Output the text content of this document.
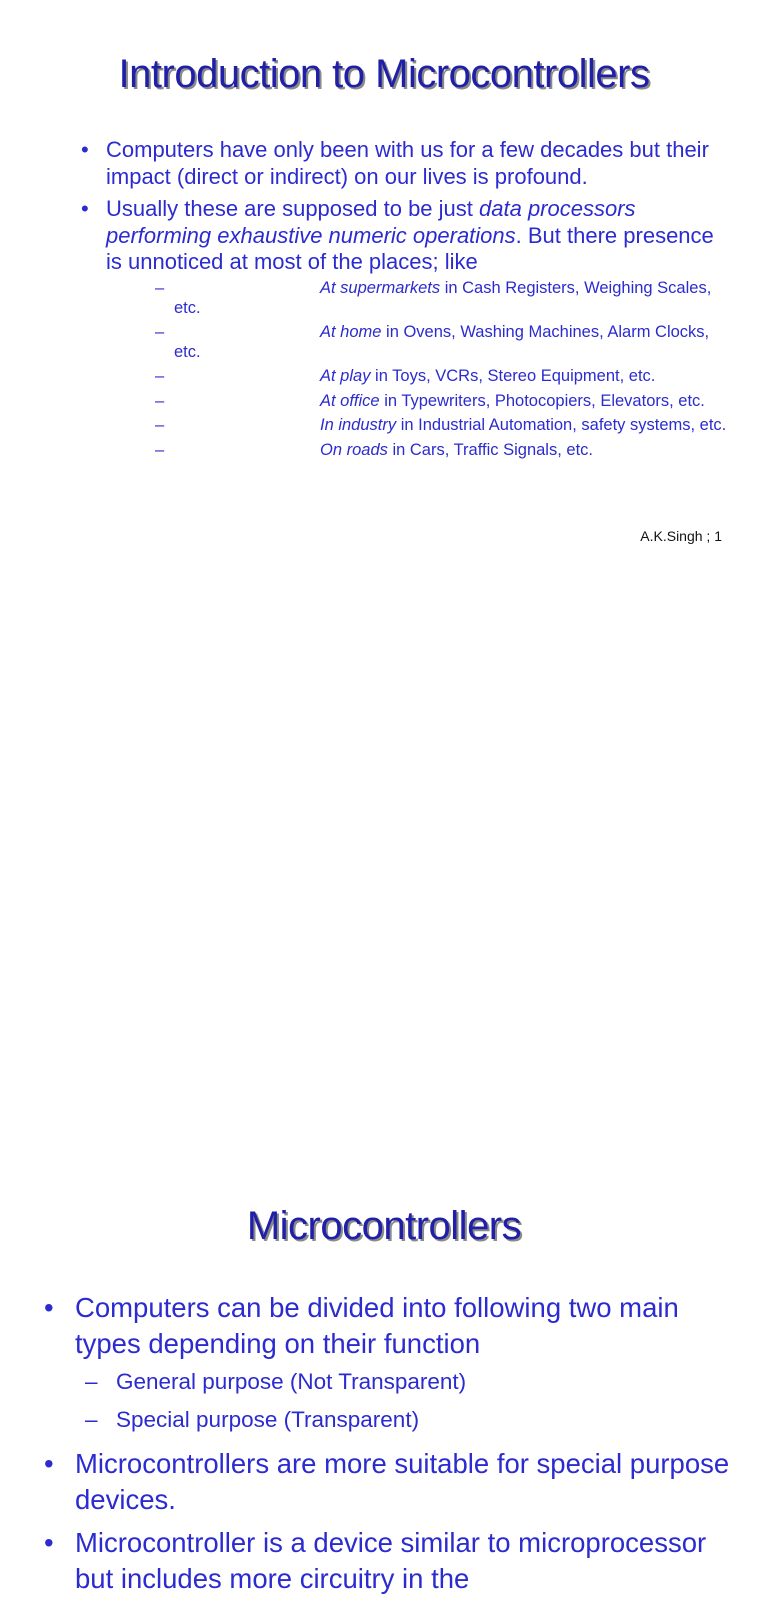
Introduction to Microcontrollers
• Computers have only been with us for a few decades but their impact (direct or indirect) on our lives is profound.
• Usually these are supposed to be just data processors performing exhaustive numeric operations. But there presence is unnoticed at most of the places; like
–	At supermarkets in Cash Registers, Weighing Scales, etc.
–	At home in Ovens, Washing Machines, Alarm Clocks, etc.
–	At play in Toys, VCRs, Stereo Equipment, etc.
–	At office in Typewriters, Photocopiers, Elevators, etc.
–	In industry in Industrial Automation, safety systems, etc.
–	On roads in Cars, Traffic Signals, etc.
A.K.Singh ; 1
Microcontrollers
• Computers can be divided into following two main types depending on their function
– General purpose (Not Transparent)
– Special purpose (Transparent)
• Microcontrollers are more suitable for special purpose devices.
• Microcontroller is a device similar to microprocessor but includes more circuitry in the
